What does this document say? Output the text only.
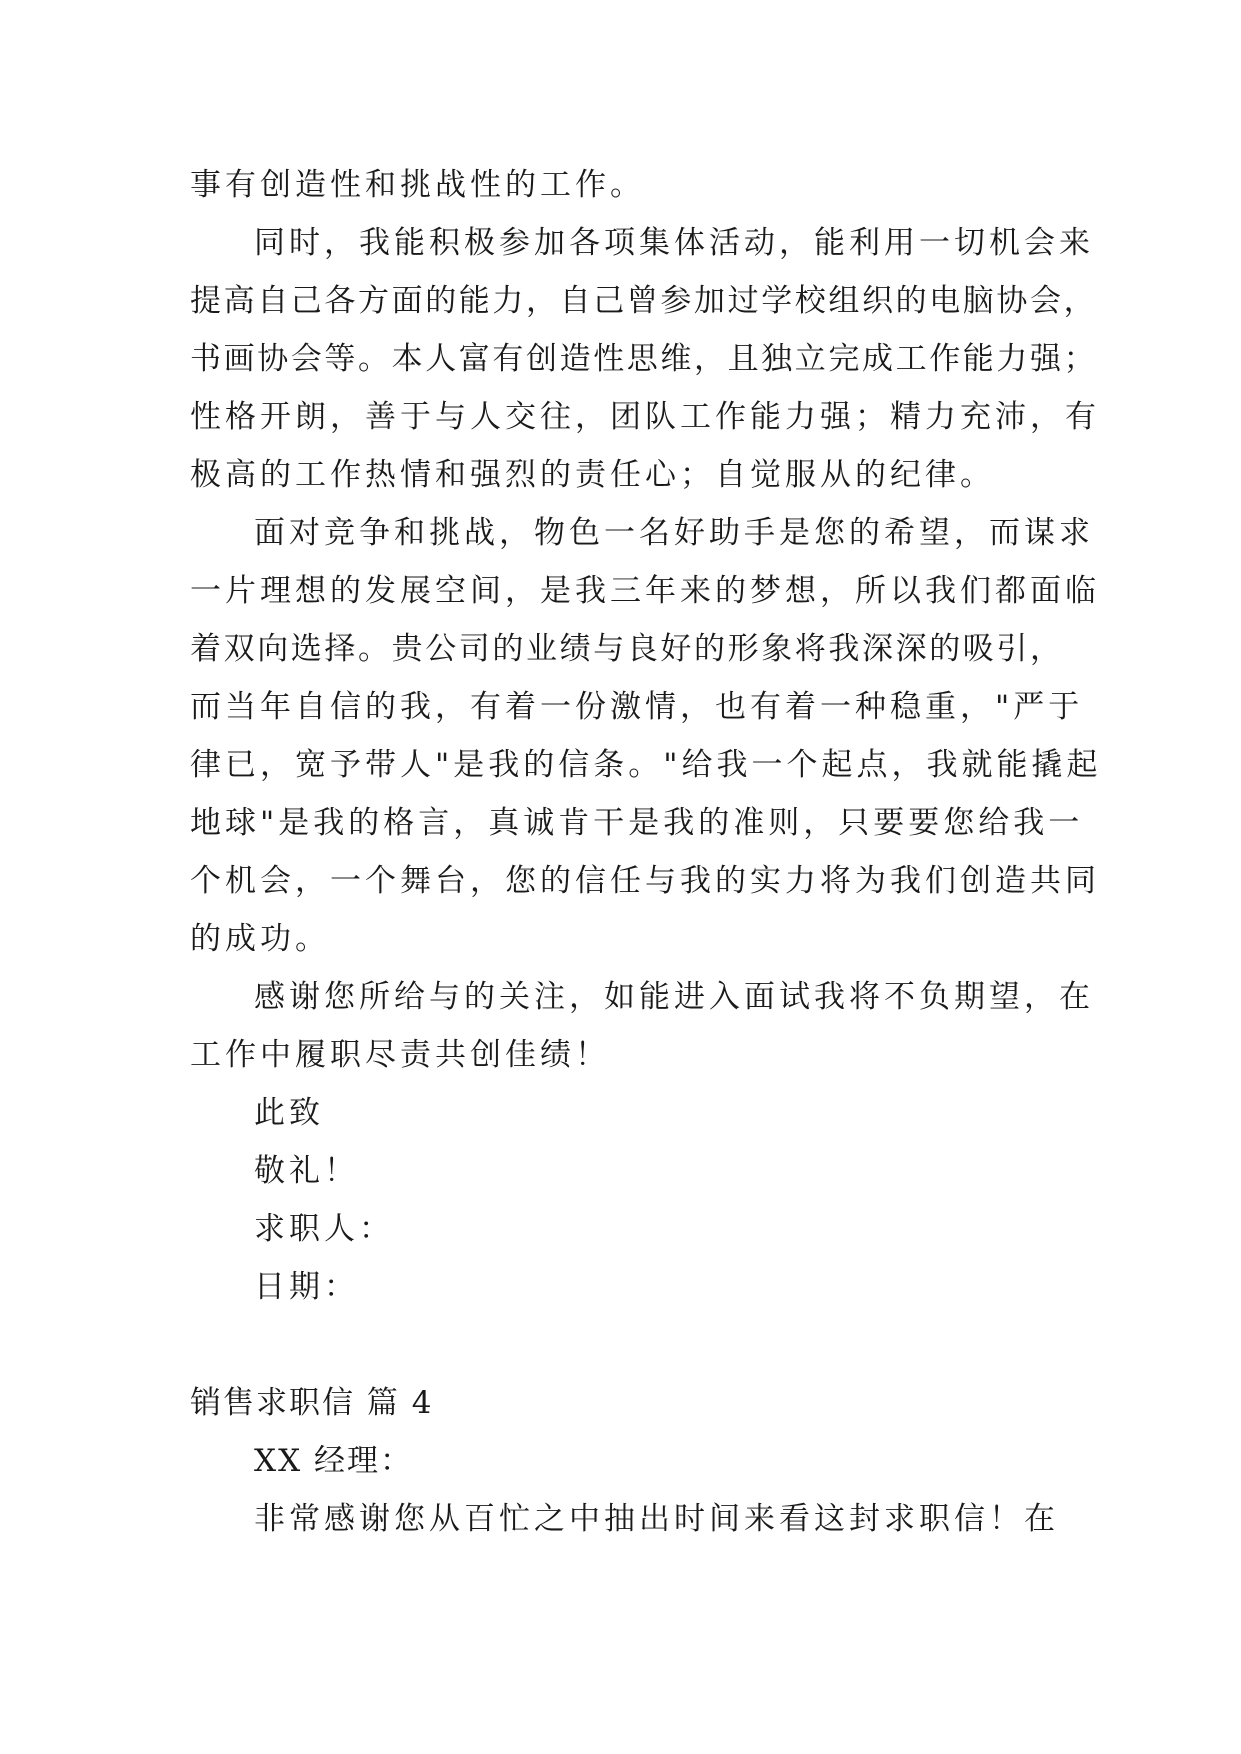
事有创造性和挑战性的工作。
同时，我能积极参加各项集体活动，能利用一切机会来
提高自己各方面的能力，自己曾参加过学校组织的电脑协会，
书画协会等。本人富有创造性思维，且独立完成工作能力强；
性格开朗，善于与人交往，团队工作能力强；精力充沛，有
极高的工作热情和强烈的责任心；自觉服从的纪律。
面对竞争和挑战，物色一名好助手是您的希望，而谋求
一片理想的发展空间，是我三年来的梦想，所以我们都面临
着双向选择。贵公司的业绩与良好的形象将我深深的吸引，
而当年自信的我，有着一份激情，也有着一种稳重，"严于
律已，宽予带人"是我的信条。"给我一个起点，我就能撬起
地球"是我的格言，真诚肯干是我的准则，只要要您给我一
个机会，一个舞台，您的信任与我的实力将为我们创造共同
的成功。
感谢您所给与的关注，如能进入面试我将不负期望，在
工作中履职尽责共创佳绩！
此致
敬礼！
求职人：
日期：
销售求职信 篇 4
XX 经理：
非常感谢您从百忙之中抽出时间来看这封求职信！在
